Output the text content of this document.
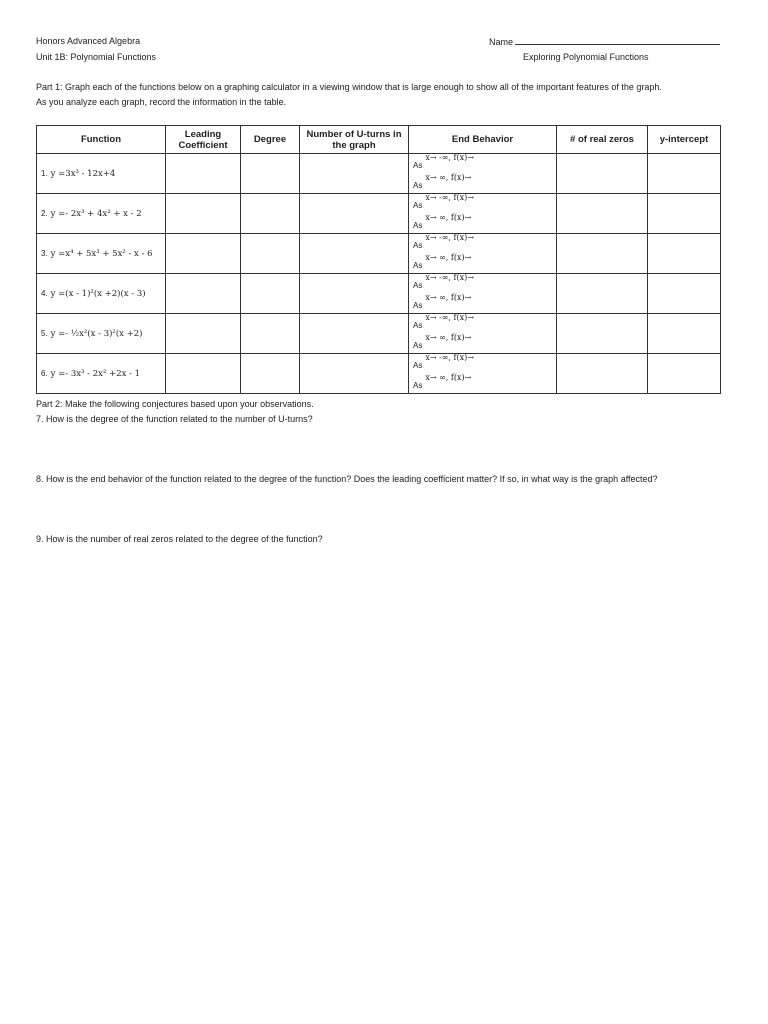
Honors Advanced Algebra
Unit 1B: Polynomial Functions
Name
Exploring Polynomial Functions
Part 1: Graph each of the functions below on a graphing calculator in a viewing window that is large enough to show all of the important features of the graph.
As you analyze each graph, record the information in the table.
Function	Leading Coefficient	Degree	Number of U-turns in the graph	End Behavior	# of real zeros	y-intercept

1. y =3x³ - 12x+4				Asx→ -∞, f(x)→
Asx→ ∞, f(x)→		

2. y =- 2x³ + 4x² + x - 2				Asx→ -∞, f(x)→
Asx→ ∞, f(x)→		

3. y =x⁴ + 5x³ + 5x² - x - 6				Asx→ -∞, f(x)→
Asx→ ∞, f(x)→		

4. y =(x - 1)²(x +2)(x - 3)				Asx→ -∞, f(x)→
Asx→ ∞, f(x)→		

5. y =- ½x²(x - 3)²(x +2)				Asx→ -∞, f(x)→
Asx→ ∞, f(x)→		

6. y =- 3x³ - 2x² +2x - 1				Asx→ -∞, f(x)→
Asx→ ∞, f(x)→		

Part 2: Make the following conjectures based upon your observations.
7. How is the degree of the function related to the number of U-turns?
8. How is the end behavior of the function related to the degree of the function? Does the leading coefficient matter? If so, in what way is the graph affected?
9. How is the number of real zeros related to the degree of the function?
